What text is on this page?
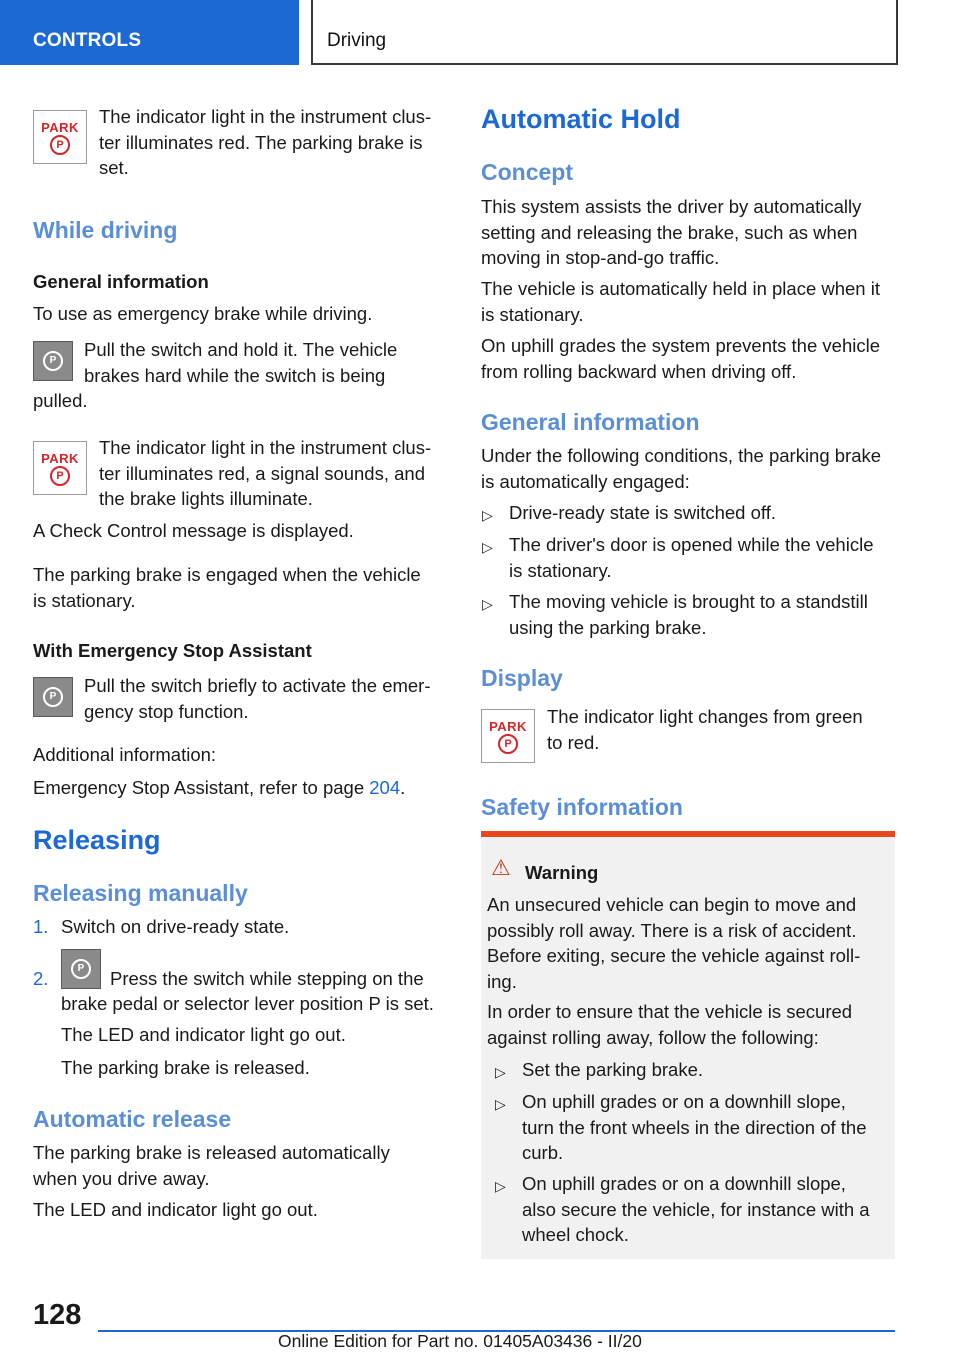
CONTROLS	Driving
PARK
P
The indicator light in the instrument clus-
ter illuminates red. The parking brake is
set.
While driving
General information
To use as emergency brake while driving.
P
Pull the switch and hold it. The vehicle
brakes hard while the switch is being
pulled.
PARK
P
The indicator light in the instrument clus-
ter illuminates red, a signal sounds, and
the brake lights illuminate.
A Check Control message is displayed.
The parking brake is engaged when the vehicle
is stationary.
With Emergency Stop Assistant
P
Pull the switch briefly to activate the emer-
gency stop function.
Additional information:
Emergency Stop Assistant, refer to page 204.
Releasing
Releasing manually
1. Switch on drive-ready state.
2.
P	Press the switch while stepping on the
brake pedal or selector lever position P is set.
The LED and indicator light go out.
The parking brake is released.
Automatic release
The parking brake is released automatically
when you drive away.
The LED and indicator light go out.
Automatic Hold
Concept
This system assists the driver by automatically
setting and releasing the brake, such as when
moving in stop-and-go traffic.
The vehicle is automatically held in place when it
is stationary.
On uphill grades the system prevents the vehicle
from rolling backward when driving off.
General information
Under the following conditions, the parking brake
is automatically engaged:
▷ Drive-ready state is switched off.
▷ The driver's door is opened while the vehicle
is stationary.
▷ The moving vehicle is brought to a standstill
using the parking brake.
Display
PARK
P	The indicator light changes from green
to red.
Safety information
⚠ Warning
An unsecured vehicle can begin to move and
possibly roll away. There is a risk of accident.
Before exiting, secure the vehicle against roll-
ing.
In order to ensure that the vehicle is secured
against rolling away, follow the following:
▷ Set the parking brake.
▷ On uphill grades or on a downhill slope,
turn the front wheels in the direction of the
curb.
▷ On uphill grades or on a downhill slope,
also secure the vehicle, for instance with a
wheel chock.
128
Online Edition for Part no. 01405A03436 - II/20
